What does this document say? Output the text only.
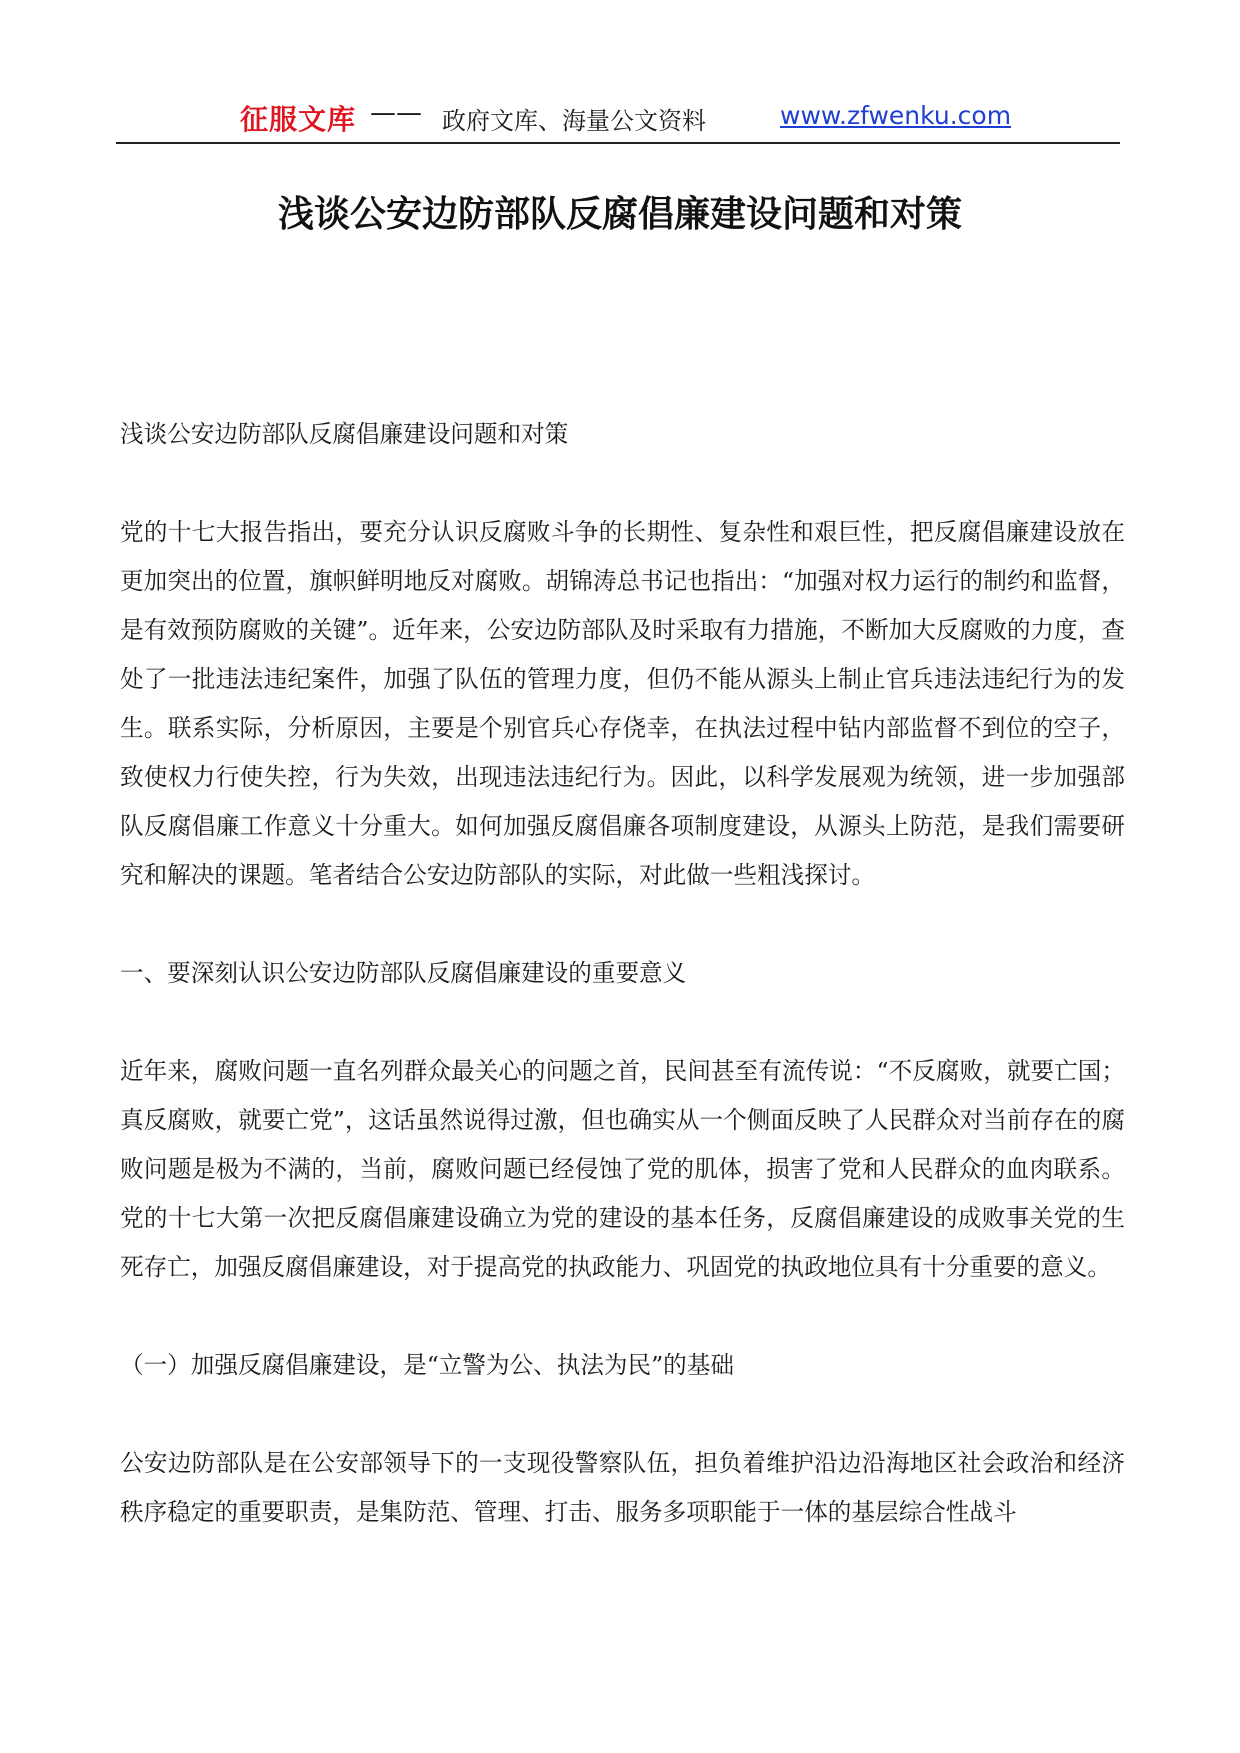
征服文库 —— 政府文库、海量公文资料	www.zfwenku.com
浅谈公安边防部队反腐倡廉建设问题和对策

浅谈公安边防部队反腐倡廉建设问题和对策

党的十七大报告指出，要充分认识反腐败斗争的长期性、复杂性和艰巨性，把反腐倡廉建设放在更加突出的位置，旗帜鲜明地反对腐败。胡锦涛总书记也指出：“加强对权力运行的制约和监督，是有效预防腐败的关键”。近年来，公安边防部队及时采取有力措施，不断加大反腐败的力度，查处了一批违法违纪案件，加强了队伍的管理力度，但仍不能从源头上制止官兵违法违纪行为的发生。联系实际，分析原因，主要是个别官兵心存侥幸，在执法过程中钻内部监督不到位的空子，致使权力行使失控，行为失效，出现违法违纪行为。因此，以科学发展观为统领，进一步加强部队反腐倡廉工作意义十分重大。如何加强反腐倡廉各项制度建设，从源头上防范，是我们需要研究和解决的课题。笔者结合公安边防部队的实际，对此做一些粗浅探讨。

一、要深刻认识公安边防部队反腐倡廉建设的重要意义

近年来，腐败问题一直名列群众最关心的问题之首，民间甚至有流传说：“不反腐败，就要亡国；真反腐败，就要亡党”，这话虽然说得过激，但也确实从一个侧面反映了人民群众对当前存在的腐败问题是极为不满的，当前，腐败问题已经侵蚀了党的肌体，损害了党和人民群众的血肉联系。党的十七大第一次把反腐倡廉建设确立为党的建设的基本任务，反腐倡廉建设的成败事关党的生死存亡，加强反腐倡廉建设，对于提高党的执政能力、巩固党的执政地位具有十分重要的意义。

（一）加强反腐倡廉建设，是“立警为公、执法为民”的基础

公安边防部队是在公安部领导下的一支现役警察队伍，担负着维护沿边沿海地区社会政治和经济秩序稳定的重要职责，是集防范、管理、打击、服务多项职能于一体的基层综合性战斗
